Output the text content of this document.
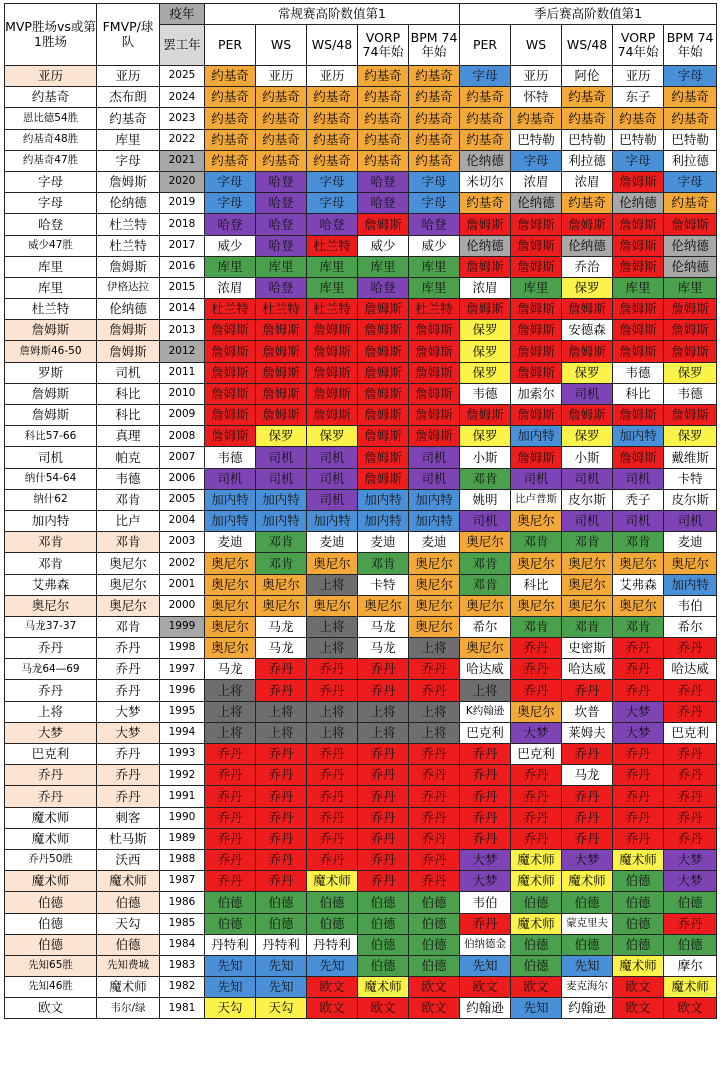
MVP胜场vs或第1胜场	FMVP/球队	疫年	常规赛高阶数值第1					季后赛高阶数值第1				
		罢工年	PER	WS	WS/48	VORP 74年始	BPM 74年始	PER	WS	WS/48	VORP 74年始	BPM 74年始
亚历	亚历	2025	约基奇	亚历	亚历	约基奇	约基奇	字母	亚历	阿伦	亚历	字母
约基奇	杰布朗	2024	约基奇	约基奇	约基奇	约基奇	约基奇	约基奇	怀特	约基奇	东子	约基奇
恩比德54胜	约基奇	2023	约基奇	约基奇	约基奇	约基奇	约基奇	约基奇	约基奇	约基奇	约基奇	约基奇
约基奇48胜	库里	2022	约基奇	约基奇	约基奇	约基奇	约基奇	约基奇	巴特勒	巴特勒	巴特勒	巴特勒
约基奇47胜	字母	2021	约基奇	约基奇	约基奇	约基奇	约基奇	伦纳德	字母	利拉德	字母	利拉德
字母	詹姆斯	2020	字母	哈登	字母	哈登	字母	米切尔	浓眉	浓眉	詹姆斯	字母
字母	伦纳德	2019	字母	哈登	字母	哈登	字母	约基奇	伦纳德	约基奇	伦纳德	约基奇
哈登	杜兰特	2018	哈登	哈登	哈登	詹姆斯	哈登	詹姆斯	詹姆斯	詹姆斯	詹姆斯	詹姆斯
威少47胜	杜兰特	2017	威少	哈登	杜兰特	威少	威少	伦纳德	詹姆斯	伦纳德	詹姆斯	伦纳德
库里	詹姆斯	2016	库里	库里	库里	库里	库里	詹姆斯	詹姆斯	乔治	詹姆斯	伦纳德
库里	伊格达拉	2015	浓眉	哈登	库里	哈登	库里	浓眉	库里	保罗	库里	库里
杜兰特	伦纳德	2014	杜兰特	杜兰特	杜兰特	詹姆斯	杜兰特	詹姆斯	詹姆斯	詹姆斯	詹姆斯	詹姆斯
詹姆斯	詹姆斯	2013	詹姆斯	詹姆斯	詹姆斯	詹姆斯	詹姆斯	保罗	詹姆斯	安德森	詹姆斯	詹姆斯
詹姆斯46-50	詹姆斯	2012	詹姆斯	詹姆斯	詹姆斯	詹姆斯	詹姆斯	保罗	詹姆斯	詹姆斯	詹姆斯	詹姆斯
罗斯	司机	2011	詹姆斯	詹姆斯	詹姆斯	詹姆斯	詹姆斯	保罗	詹姆斯	保罗	韦德	保罗
詹姆斯	科比	2010	詹姆斯	詹姆斯	詹姆斯	詹姆斯	詹姆斯	韦德	加索尔	司机	科比	韦德
詹姆斯	科比	2009	詹姆斯	詹姆斯	詹姆斯	詹姆斯	詹姆斯	詹姆斯	詹姆斯	詹姆斯	詹姆斯	詹姆斯
科比57-66	真理	2008	詹姆斯	保罗	保罗	詹姆斯	詹姆斯	保罗	加内特	保罗	加内特	保罗
司机	帕克	2007	韦德	司机	司机	詹姆斯	司机	小斯	詹姆斯	小斯	詹姆斯	戴维斯
纳什54-64	韦德	2006	司机	司机	司机	詹姆斯	司机	邓肯	司机	司机	司机	卡特
纳什62	邓肯	2005	加内特	加内特	司机	加内特	加内特	姚明	比卢普斯	皮尔斯	秃子	皮尔斯
加内特	比卢	2004	加内特	加内特	加内特	加内特	加内特	司机	奥尼尔	司机	司机	司机
邓肯	邓肯	2003	麦迪	邓肯	麦迪	麦迪	麦迪	奥尼尔	邓肯	邓肯	邓肯	麦迪
邓肯	奥尼尔	2002	奥尼尔	邓肯	奥尼尔	邓肯	奥尼尔	邓肯	奥尼尔	奥尼尔	奥尼尔	奥尼尔
艾弗森	奥尼尔	2001	奥尼尔	奥尼尔	上将	卡特	奥尼尔	邓肯	科比	奥尼尔	艾弗森	加内特
奥尼尔	奥尼尔	2000	奥尼尔	奥尼尔	奥尼尔	奥尼尔	奥尼尔	奥尼尔	奥尼尔	奥尼尔	奥尼尔	韦伯
马龙37-37	邓肯	1999	奥尼尔	马龙	上将	马龙	奥尼尔	希尔	邓肯	邓肯	邓肯	希尔
乔丹	乔丹	1998	奥尼尔	马龙	上将	马龙	上将	奥尼尔	乔丹	史密斯	乔丹	乔丹
马龙64—69	乔丹	1997	马龙	乔丹	乔丹	乔丹	乔丹	哈达威	乔丹	哈达威	乔丹	哈达威
乔丹	乔丹	1996	上将	乔丹	乔丹	乔丹	乔丹	上将	乔丹	乔丹	乔丹	乔丹
上将	大梦	1995	上将	上将	上将	上将	上将	K约翰逊	奥尼尔	坎普	大梦	乔丹
大梦	大梦	1994	上将	上将	上将	上将	上将	巴克利	大梦	莱姆夫	大梦	巴克利
巴克利	乔丹	1993	乔丹	乔丹	乔丹	乔丹	乔丹	乔丹	巴克利	乔丹	乔丹	乔丹
乔丹	乔丹	1992	乔丹	乔丹	乔丹	乔丹	乔丹	乔丹	乔丹	马龙	乔丹	乔丹
乔丹	乔丹	1991	乔丹	乔丹	乔丹	乔丹	乔丹	乔丹	乔丹	乔丹	乔丹	乔丹
魔术师	刺客	1990	乔丹	乔丹	乔丹	乔丹	乔丹	乔丹	乔丹	乔丹	乔丹	乔丹
魔术师	杜马斯	1989	乔丹	乔丹	乔丹	乔丹	乔丹	乔丹	乔丹	乔丹	乔丹	乔丹
乔丹50胜	沃西	1988	乔丹	乔丹	乔丹	乔丹	乔丹	大梦	魔术师	大梦	魔术师	大梦
魔术师	魔术师	1987	乔丹	乔丹	魔术师	乔丹	乔丹	大梦	魔术师	魔术师	伯德	大梦
伯德	伯德	1986	伯德	伯德	伯德	伯德	伯德	韦伯	伯德	伯德	伯德	伯德
伯德	天勾	1985	伯德	伯德	伯德	伯德	伯德	乔丹	魔术师	蒙克里夫	伯德	乔丹
伯德	伯德	1984	丹特利	丹特利	丹特利	伯德	伯德	伯纳德金	伯德	伯德	伯德	伯德
先知65胜	先知费城	1983	先知	先知	先知	伯德	伯德	先知	伯德	先知	魔术师	摩尔
先知46胜	魔术师	1982	先知	先知	欧文	魔术师	欧文	欧文	欧文	麦克海尔	欧文	魔术师
欧文	韦尔/绿	1981	天勾	天勾	欧文	欧文	欧文	约翰逊	先知	约翰逊	欧文	欧文
